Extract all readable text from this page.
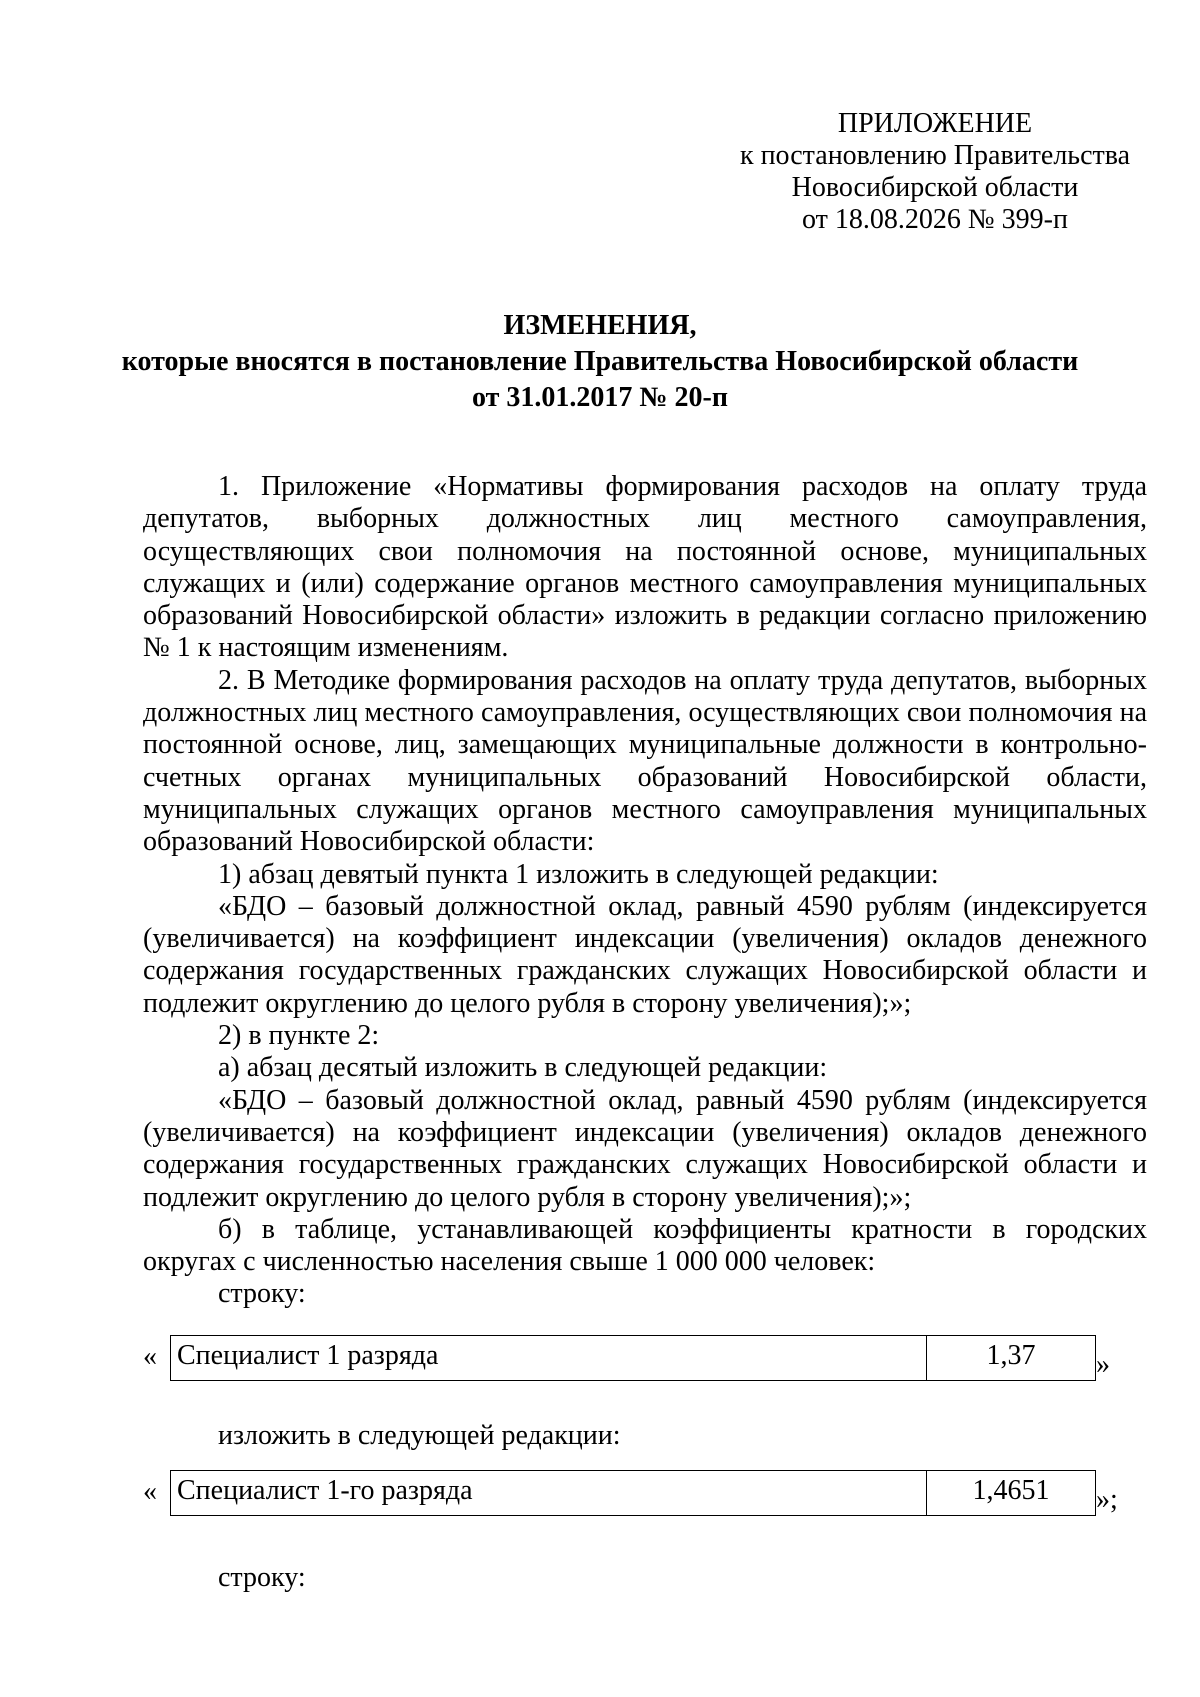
ПРИЛОЖЕНИЕ
к постановлению Правительства
Новосибирской области
от 18.08.2026 № 399-п
ИЗМЕНЕНИЯ,
которые вносятся в постановление Правительства Новосибирской области
от 31.01.2017 № 20-п

1. Приложение «Нормативы формирования расходов на оплату труда депутатов, выборных должностных лиц местного самоуправления, осуществляющих свои полномочия на постоянной основе, муниципальных служащих и (или) содержание органов местного самоуправления муниципальных образований Новосибирской области» изложить в редакции согласно приложению № 1 к настоящим изменениям.

2. В Методике формирования расходов на оплату труда депутатов, выборных должностных лиц местного самоуправления, осуществляющих свои полномочия на постоянной основе, лиц, замещающих муниципальные должности в контрольно-счетных органах муниципальных образований Новосибирской области, муниципальных служащих органов местного самоуправления муниципальных образований Новосибирской области:

1) абзац девятый пункта 1 изложить в следующей редакции:

«БДО – базовый должностной оклад, равный 4590 рублям (индексируется (увеличивается) на коэффициент индексации (увеличения) окладов денежного содержания государственных гражданских служащих Новосибирской области и подлежит округлению до целого рубля в сторону увеличения);»;

2) в пункте 2:

а) абзац десятый изложить в следующей редакции:

«БДО – базовый должностной оклад, равный 4590 рублям (индексируется (увеличивается) на коэффициент индексации (увеличения) окладов денежного содержания государственных гражданских служащих Новосибирской области и подлежит округлению до целого рубля в сторону увеличения);»;

б) в таблице, устанавливающей коэффициенты кратности в городских округах с численностью населения свыше 1 000 000 человек:

строку:

« Специалист 1 разряда	1,37	»
изложить в следующей редакции:
« Специалист 1-го разряда	1,4651	»;
строку:
